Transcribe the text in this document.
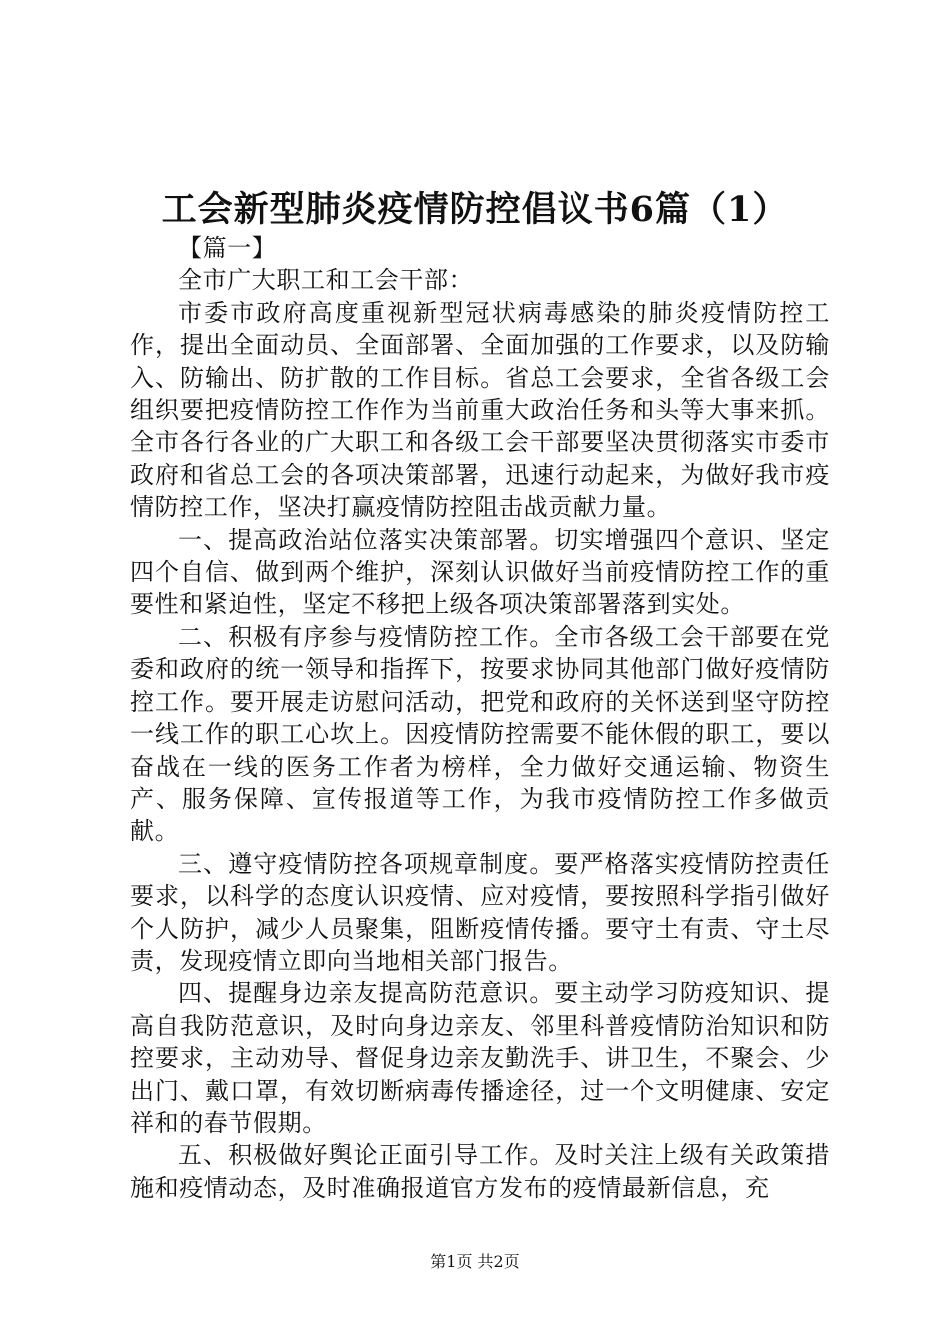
工会新型肺炎疫情防控倡议书6篇（1）

【篇一】

全市广大职工和工会干部：

市委市政府高度重视新型冠状病毒感染的肺炎疫情防控工作，提出全面动员、全面部署、全面加强的工作要求，以及防输入、防输出、防扩散的工作目标。省总工会要求，全省各级工会组织要把疫情防控工作作为当前重大政治任务和头等大事来抓。全市各行各业的广大职工和各级工会干部要坚决贯彻落实市委市政府和省总工会的各项决策部署，迅速行动起来，为做好我市疫情防控工作，坚决打赢疫情防控阻击战贡献力量。

一、提高政治站位落实决策部署。切实增强四个意识、坚定四个自信、做到两个维护，深刻认识做好当前疫情防控工作的重要性和紧迫性，坚定不移把上级各项决策部署落到实处。

二、积极有序参与疫情防控工作。全市各级工会干部要在党委和政府的统一领导和指挥下，按要求协同其他部门做好疫情防控工作。要开展走访慰问活动，把党和政府的关怀送到坚守防控一线工作的职工心坎上。因疫情防控需要不能休假的职工，要以奋战在一线的医务工作者为榜样，全力做好交通运输、物资生产、服务保障、宣传报道等工作，为我市疫情防控工作多做贡献。

三、遵守疫情防控各项规章制度。要严格落实疫情防控责任要求，以科学的态度认识疫情、应对疫情，要按照科学指引做好个人防护，减少人员聚集，阻断疫情传播。要守土有责、守土尽责，发现疫情立即向当地相关部门报告。

四、提醒身边亲友提高防范意识。要主动学习防疫知识、提高自我防范意识，及时向身边亲友、邻里科普疫情防治知识和防控要求，主动劝导、督促身边亲友勤洗手、讲卫生，不聚会、少出门、戴口罩，有效切断病毒传播途径，过一个文明健康、安定祥和的春节假期。

五、积极做好舆论正面引导工作。及时关注上级有关政策措施和疫情动态，及时准确报道官方发布的疫情最新信息，充

第1页 共2页
